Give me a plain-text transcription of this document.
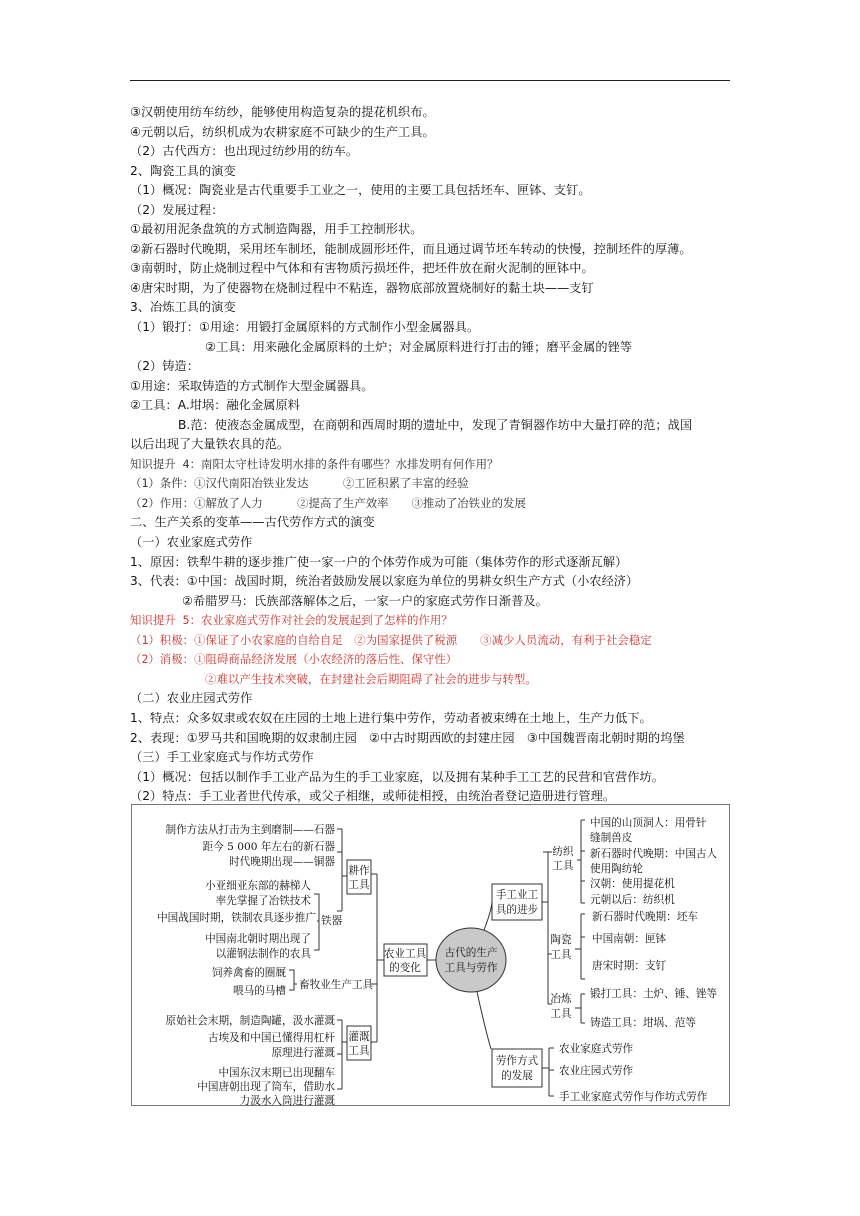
③汉朝使用纺车纺纱，能够使用构造复杂的提花机织布。
④元朝以后，纺织机成为农耕家庭不可缺少的生产工具。
（2）古代西方：也出现过纺纱用的纺车。
2、陶瓷工具的演变
（1）概况：陶瓷业是古代重要手工业之一，使用的主要工具包括坯车、匣钵、支钉。
（2）发展过程：
①最初用泥条盘筑的方式制造陶器，用手工控制形状。
②新石器时代晚期，采用坯车制坯，能制成圆形坯件，而且通过调节坯车转动的快慢，控制坯件的厚薄。
③南朝时，防止烧制过程中气体和有害物质污损坯件，把坯件放在耐火泥制的匣钵中。
④唐宋时期，为了使器物在烧制过程中不粘连，器物底部放置烧制好的黏土块——支钉
3、冶炼工具的演变
（1）锻打：①用途：用锻打金属原料的方式制作小型金属器具。
②工具：用来融化金属原料的土炉；对金属原料进行打击的锤；磨平金属的锉等
（2）铸造：
①用途：采取铸造的方式制作大型金属器具。
②工具：A.坩埚：融化金属原料
B.范：使液态金属成型，在商朝和西周时期的遗址中，发现了青铜器作坊中大量打碎的范；战国
以后出现了大量铁农具的范。
知识提升 4：南阳太守杜诗发明水排的条件有哪些？水排发明有何作用？
（1）条件：①汉代南阳冶铁业发达　　　②工匠积累了丰富的经验
（2）作用：①解放了人力　　　②提高了生产效率　　③推动了冶铁业的发展
二、生产关系的变革——古代劳作方式的演变
（一）农业家庭式劳作
1、原因：铁犁牛耕的逐步推广使一家一户的个体劳作成为可能（集体劳作的形式逐渐瓦解）
3、代表：①中国：战国时期，统治者鼓励发展以家庭为单位的男耕女织生产方式（小农经济）
②希腊罗马：氏族部落解体之后，一家一户的家庭式劳作日渐普及。
知识提升 5：农业家庭式劳作对社会的发展起到了怎样的作用？
（1）积极：①保证了小农家庭的自给自足　②为国家提供了税源　　③减少人员流动，有利于社会稳定
（2）消极：①阻碍商品经济发展（小农经济的落后性、保守性）
②难以产生技术突破，在封建社会后期阻碍了社会的进步与转型。
（二）农业庄园式劳作
1、特点：众多奴隶或农奴在庄园的土地上进行集中劳作，劳动者被束缚在土地上，生产力低下。
2、表现：①罗马共和国晚期的奴隶制庄园　②中古时期西欧的封建庄园　③中国魏晋南北朝时期的坞堡
（三）手工业家庭式与作坊式劳作
（1）概况：包括以制作手工业产品为生的手工业家庭，以及拥有某种手工工艺的民营和官营作坊。
（2）特点：手工业者世代传承，或父子相继，或师徒相授，由统治者登记造册进行管理。
古代的生产
工具与劳作
农业工具
的变化
耕作
工具
制作方法从打击为主到磨制——石器
距今 5 000 年左右的新石器
时代晚期出现——铜器
小亚细亚东部的赫梯人
率先掌握了冶铁技术
中国战国时期，铁制农具逐步推广
中国南北朝时期出现了
以灌钢法制作的农具
铁器
饲养禽畜的圈厩
喂马的马槽 畜牧业生产工具
灌溉
工具
原始社会末期，制造陶罐，汲水灌溉
古埃及和中国已懂得用杠杆
原理进行灌溉
中国东汉末期已出现翻车
中国唐朝出现了筒车，借助水
力汲水入筒进行灌溉
手工业工
具的进步
纺织
工具
中国的山顶洞人：用骨针
缝制兽皮
新石器时代晚期：中国古人
使用陶纺轮
汉朝：使用提花机
元朝以后：纺织机
陶瓷
工具
新石器时代晚期：坯车
中国南朝：匣钵
唐宋时期：支钉
冶炼
工具
锻打工具：土炉、锤、锉等
铸造工具：坩埚、范等
劳作方式
的发展
农业家庭式劳作
农业庄园式劳作
手工业家庭式劳作与作坊式劳作
